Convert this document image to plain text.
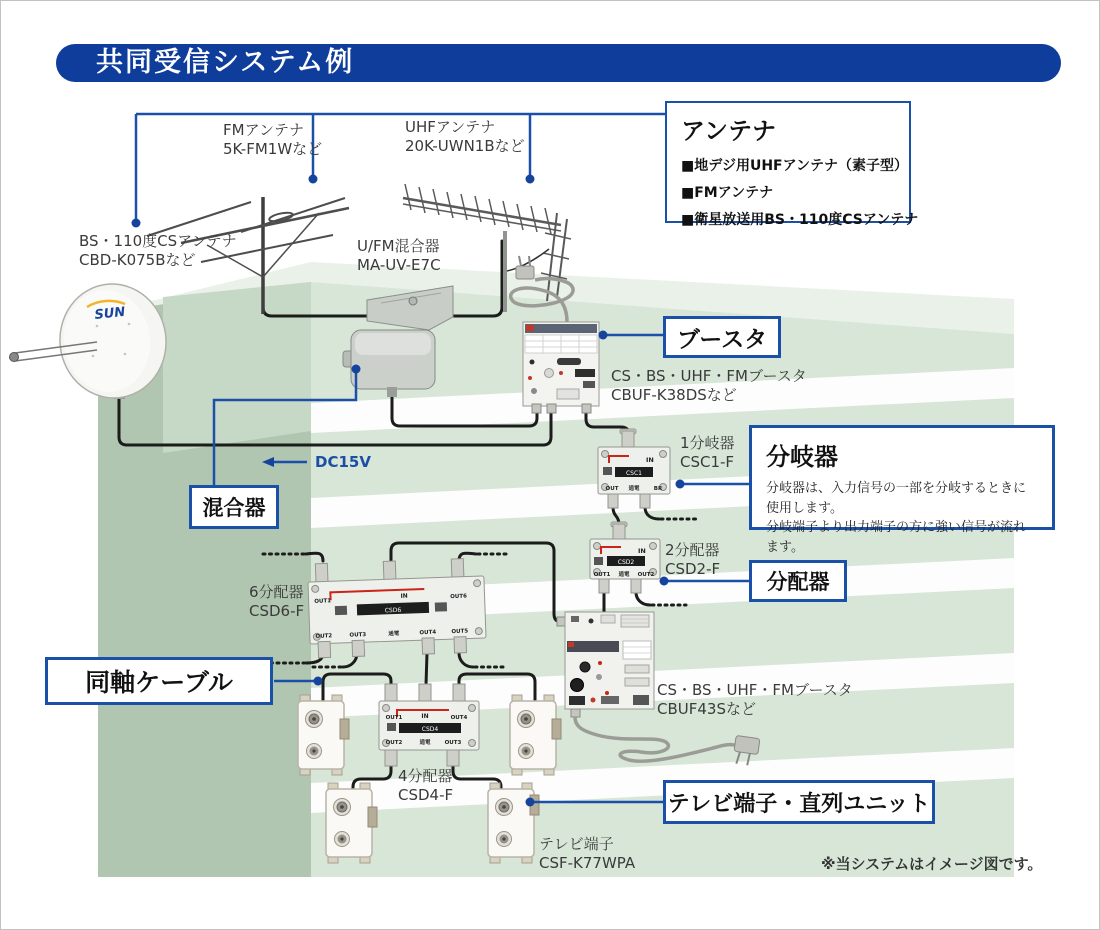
SUN
IN
CSC1
OUT 通電	BR
IN
CSD2
OUT1 通電 OUT2
OUT1
IN	OUT6
CSD6
OUT2	OUT3	通電	OUT4	OUT5
OUT1	IN	OUT4
CSD4
OUT2	通電	OUT3
共同受信システム例
アンテナ
■地デジ用UHFアンテナ（素子型）
■FMアンテナ
■衛星放送用BS・110度CSアンテナ
ブースタ
混合器
分岐器
分岐器は、入力信号の一部を分岐するときに使用します。
分岐端子より出力端子の方に強い信号が流れます。
分配器
同軸ケーブル
テレビ端子・直列ユニット
FMアンテナ
5K-FM1Wなど
UHFアンテナ
20K-UWN1Bなど
BS・110度CSアンテナ
CBD-K075Bなど
U/FM混合器
MA-UV-E7C
CS・BS・UHF・FMブースタ
CBUF-K38DSなど
1分岐器
CSC1-F
2分配器
CSD2-F
6分配器
CSD6-F
CS・BS・UHF・FMブースタ
CBUF43Sなど
4分配器
CSD4-F
テレビ端子
CSF-K77WPA
DC15V
※当システムはイメージ図です。
